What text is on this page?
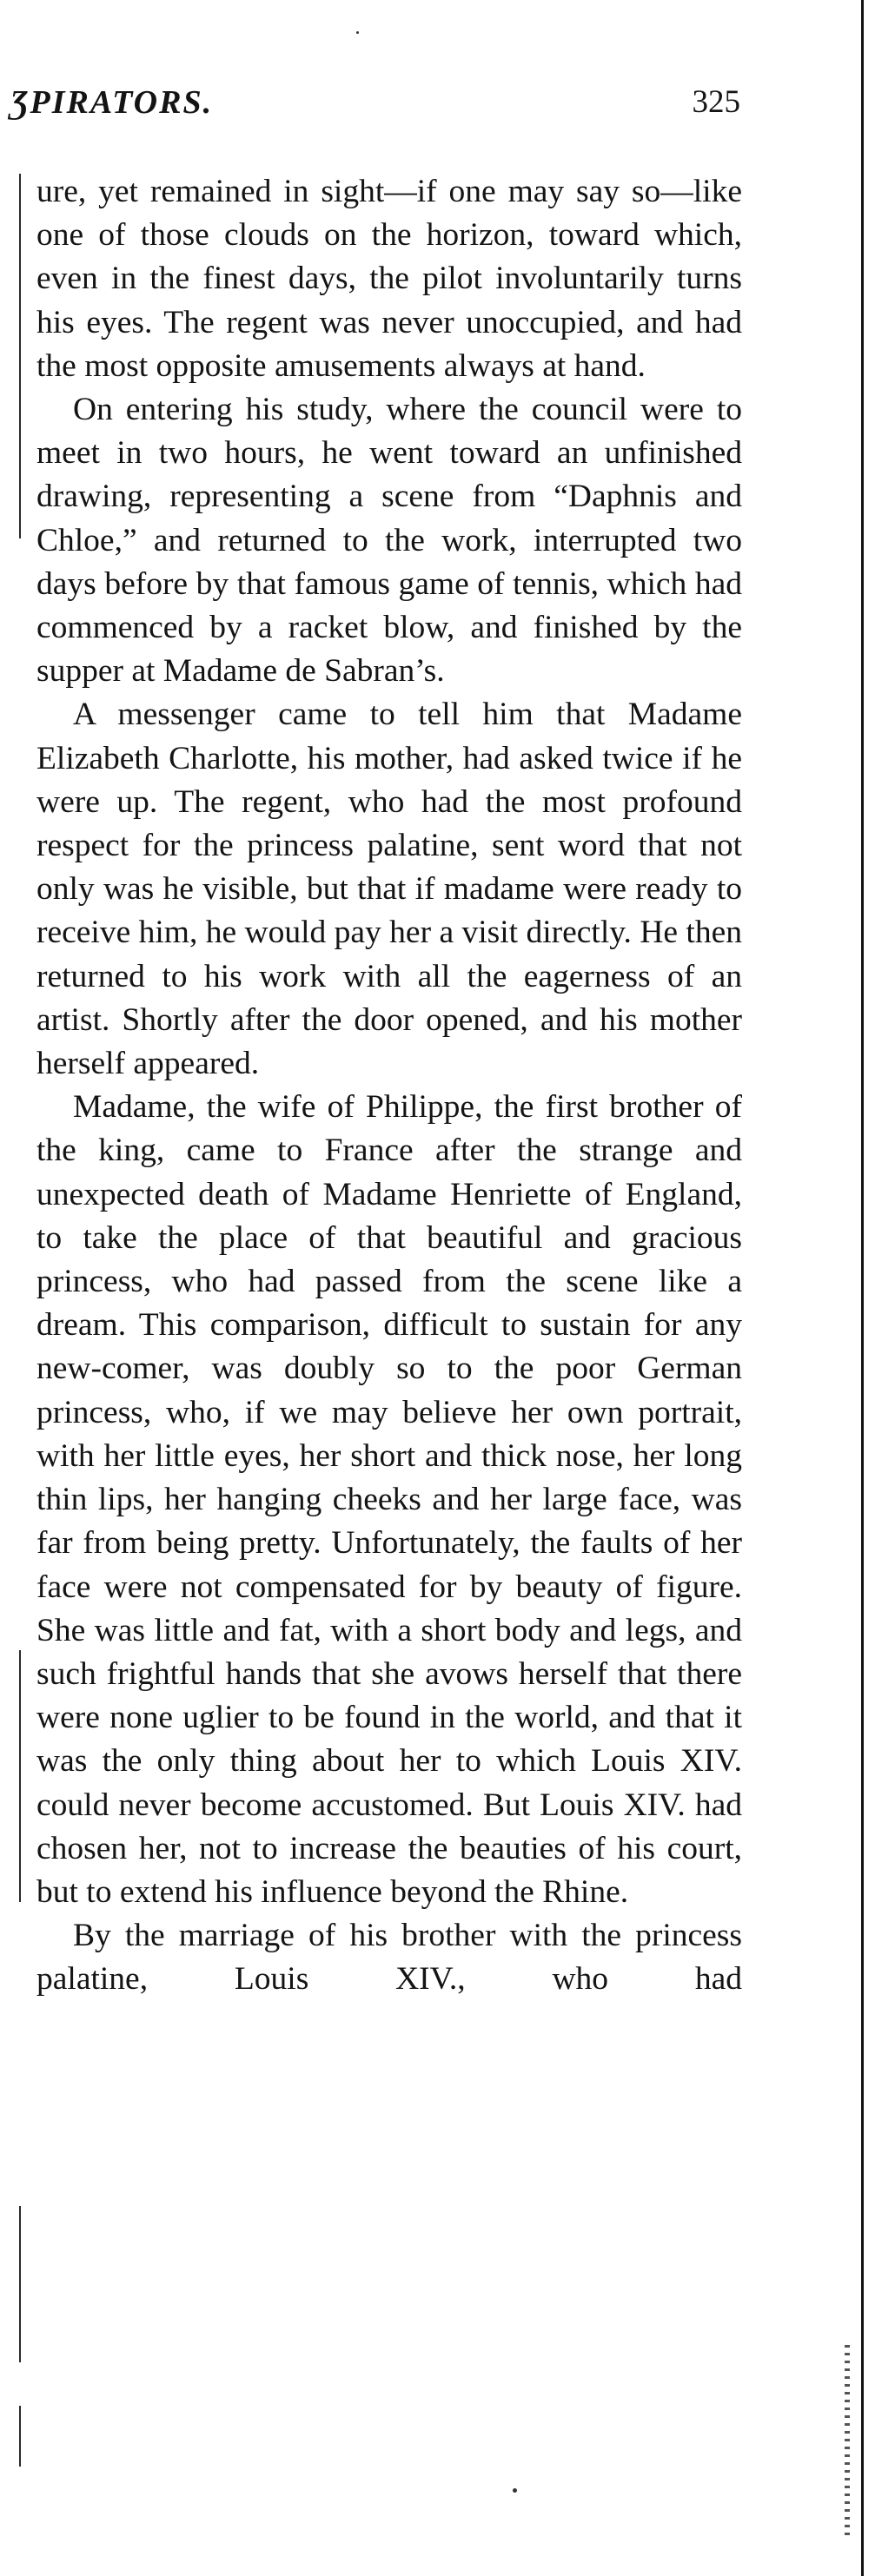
ƷPIRATORS.	325

ure, yet remained in sight—if one may say so—like one of those clouds on the horizon, toward which, even in the finest days, the pilot involuntarily turns his eyes. The regent was never unoccupied, and had the most opposite amusements always at hand.

On entering his study, where the council were to meet in two hours, he went toward an unfinished drawing, representing a scene from “Daphnis and Chloe,” and returned to the work, interrupted two days before by that famous game of tennis, which had commenced by a racket blow, and finished by the supper at Madame de Sabran’s.

A messenger came to tell him that Madame Elizabeth Charlotte, his mother, had asked twice if he were up. The regent, who had the most profound respect for the princess palatine, sent word that not only was he visible, but that if madame were ready to receive him, he would pay her a visit directly. He then returned to his work with all the eagerness of an artist. Shortly after the door opened, and his mother herself appeared.

Madame, the wife of Philippe, the first brother of the king, came to France after the strange and unexpected death of Madame Henriette of England, to take the place of that beautiful and gracious princess, who had passed from the scene like a dream. This comparison, difficult to sustain for any new-comer, was doubly so to the poor German princess, who, if we may believe her own portrait, with her little eyes, her short and thick nose, her long thin lips, her hanging cheeks and her large face, was far from being pretty. Unfortunately, the faults of her face were not compensated for by beauty of figure. She was little and fat, with a short body and legs, and such frightful hands that she avows herself that there were none uglier to be found in the world, and that it was the only thing about her to which Louis XIV. could never become accustomed. But Louis XIV. had chosen her, not to increase the beauties of his court, but to extend his influence beyond the Rhine.

By the marriage of his brother with the princess palatine, Louis XIV., who had
